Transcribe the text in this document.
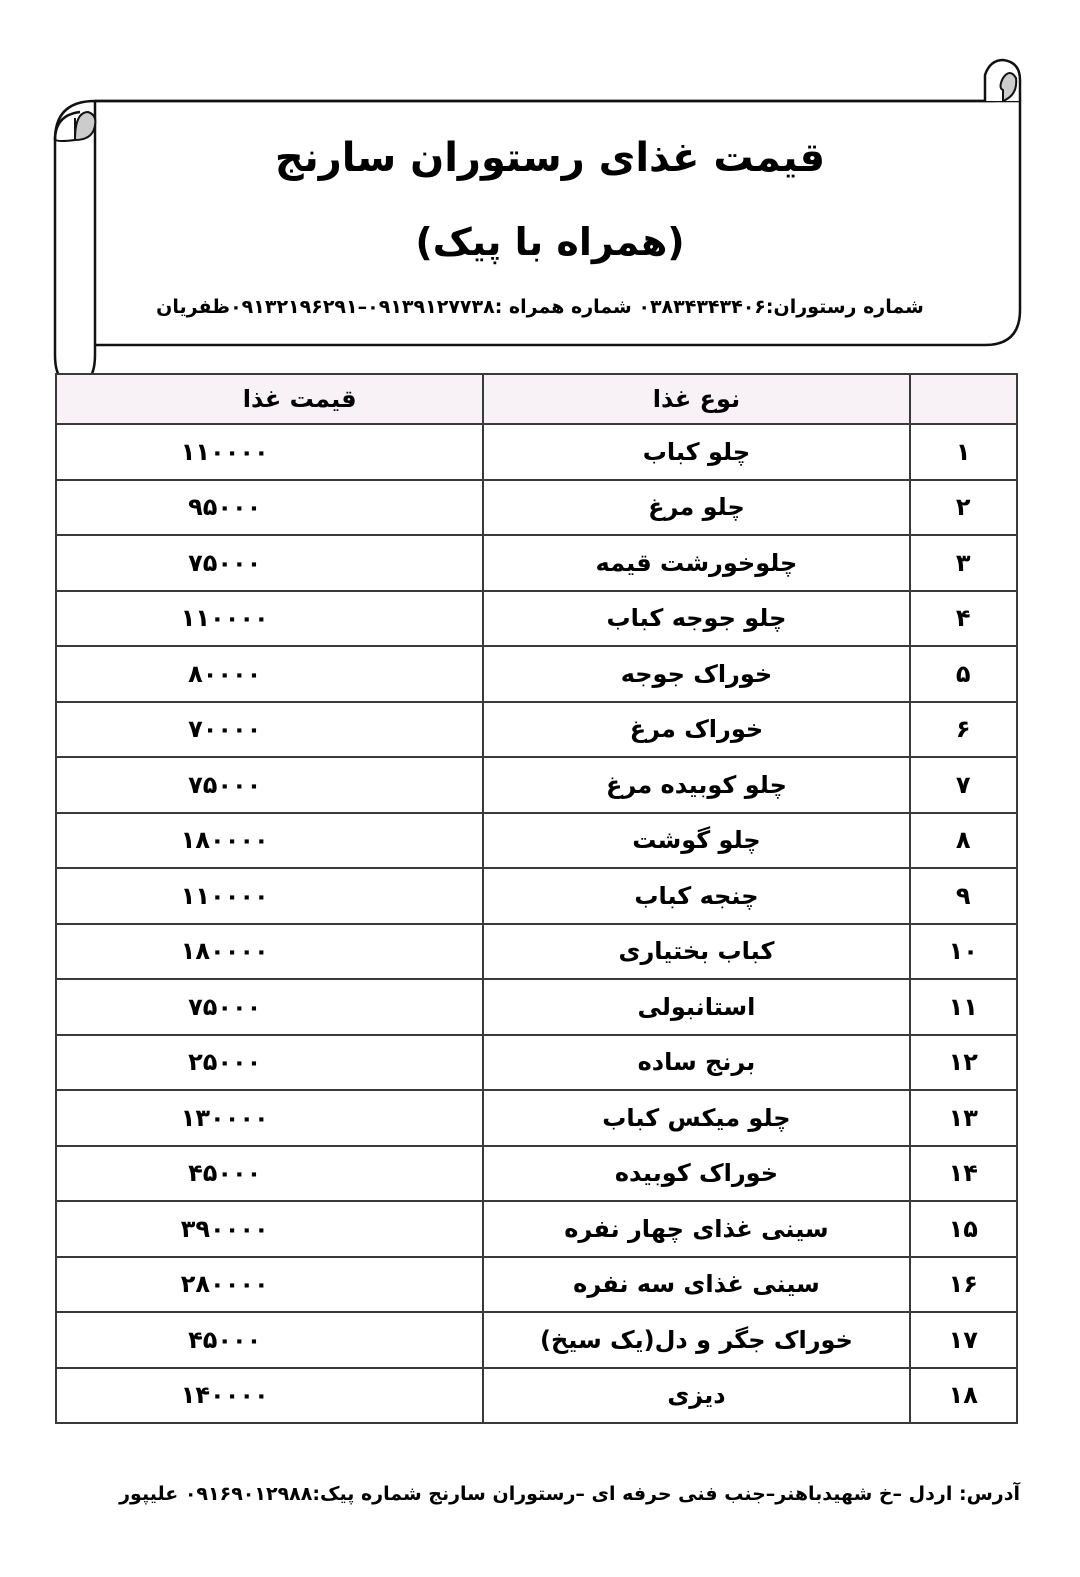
قیمت غذای رستوران سارنج
(همراه با پیک)
شماره رستوران:۰۳۸۳۴۳۴۳۴۰۶ شماره همراه :۰۹۱۳۹۱۲۷۷۳۸–۰۹۱۳۲۱۹۶۲۹۱ظفریان
	نوع غذا	قیمت غذا
۱	چلو کباب	۱۱۰۰۰۰
۲	چلو مرغ	۹۵۰۰۰
۳	چلوخورشت قیمه	۷۵۰۰۰
۴	چلو جوجه کباب	۱۱۰۰۰۰
۵	خوراک جوجه	۸۰۰۰۰
۶	خوراک مرغ	۷۰۰۰۰
۷	چلو کوبیده مرغ	۷۵۰۰۰
۸	چلو گوشت	۱۸۰۰۰۰
۹	چنجه کباب	۱۱۰۰۰۰
۱۰	کباب بختیاری	۱۸۰۰۰۰
۱۱	استانبولی	۷۵۰۰۰
۱۲	برنج ساده	۲۵۰۰۰
۱۳	چلو میکس کباب	۱۳۰۰۰۰
۱۴	خوراک کوبیده	۴۵۰۰۰
۱۵	سینی غذای چهار نفره	۳۹۰۰۰۰
۱۶	سینی غذای سه نفره	۲۸۰۰۰۰
۱۷	خوراک جگر و دل(یک سیخ)	۴۵۰۰۰
۱۸	دیزی	۱۴۰۰۰۰
آدرس: اردل –خ شهیدباهنر–جنب فنی حرفه ای –رستوران سارنج شماره پیک:۰۹۱۶۹۰۱۲۹۸۸ علیپور
